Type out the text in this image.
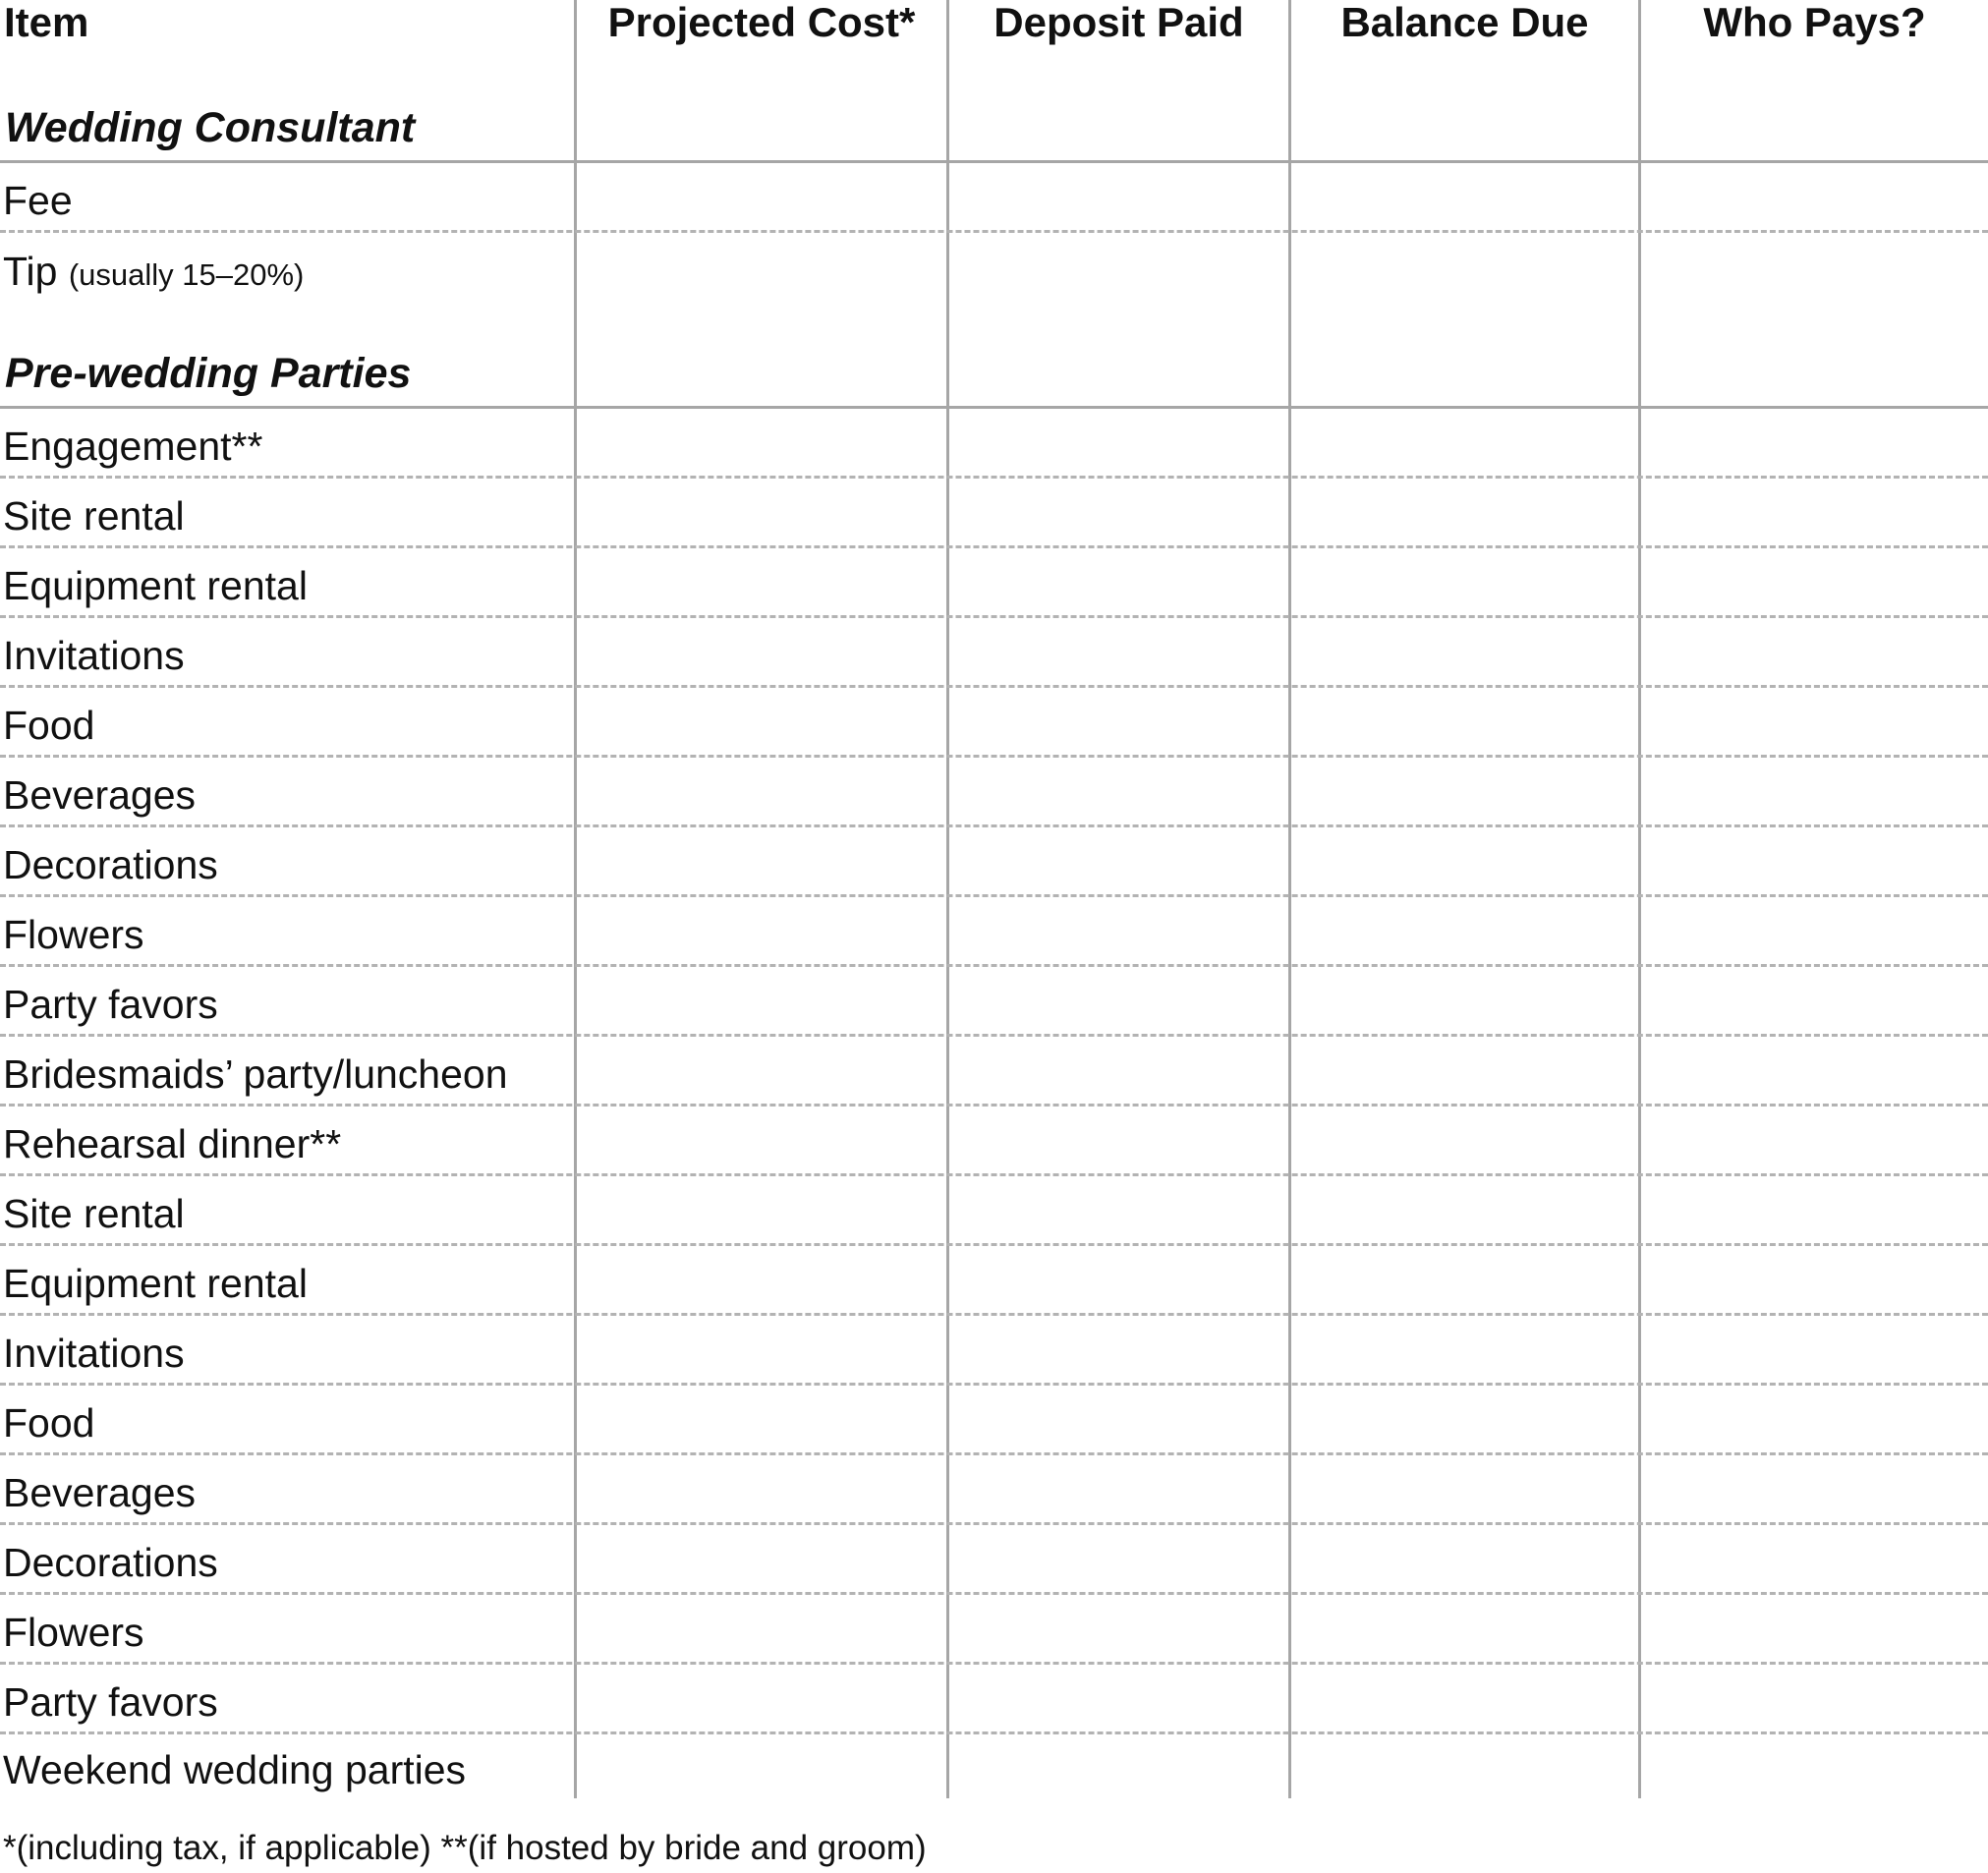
Item	Projected Cost*	Deposit Paid	Balance Due	Who Pays?
Wedding Consultant
Fee
Tip (usually 15–20%)
Pre-wedding Parties
Engagement**
Site rental
Equipment rental
Invitations
Food
Beverages
Decorations
Flowers
Party favors
Bridesmaids’ party/luncheon
Rehearsal dinner**
Site rental
Equipment rental
Invitations
Food
Beverages
Decorations
Flowers
Party favors
Weekend wedding parties
*(including tax, if applicable) **(if hosted by bride and groom)
